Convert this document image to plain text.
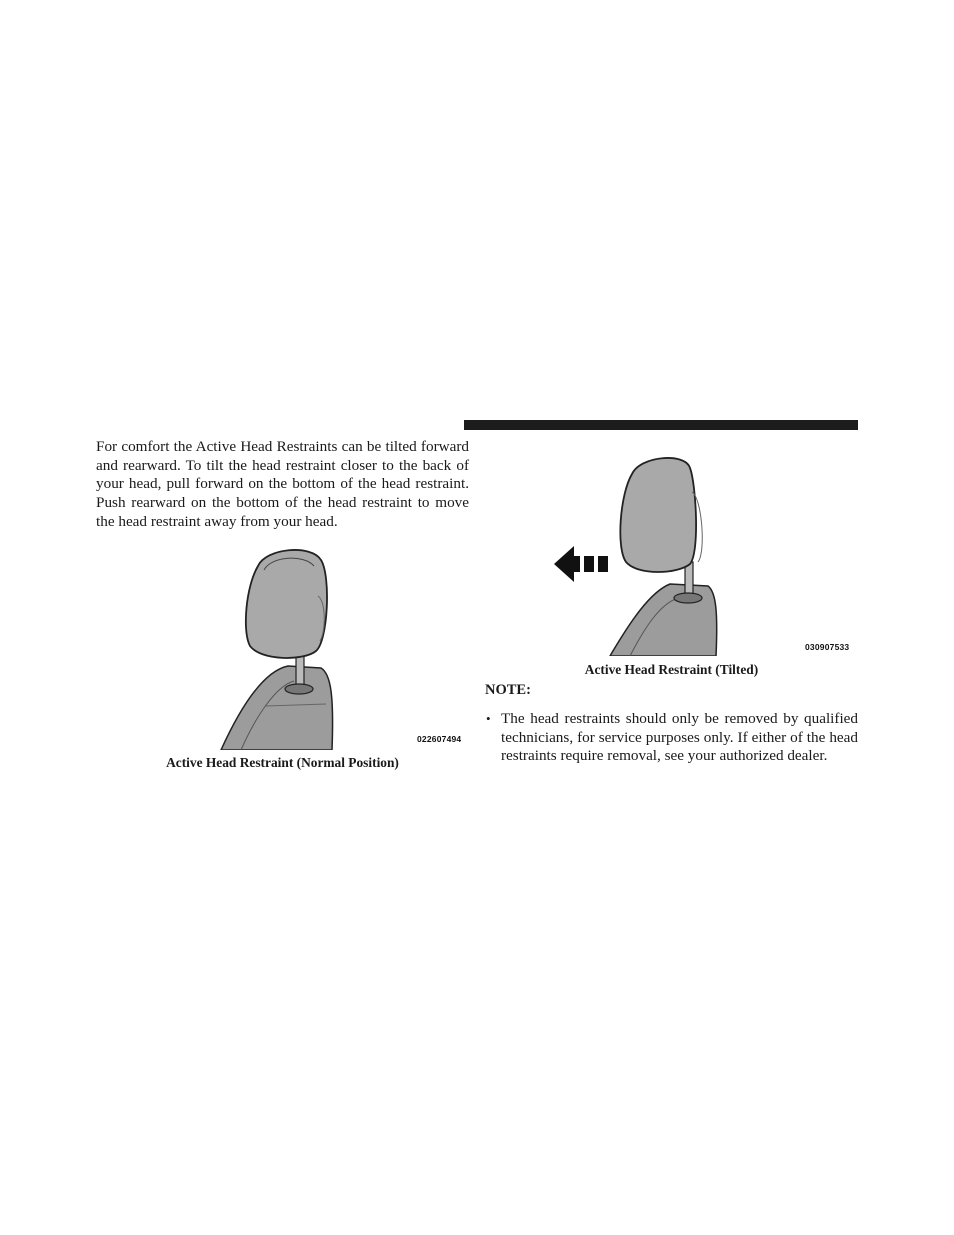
For comfort the Active Head Restraints can be tilted forward and rearward. To tilt the head restraint closer to the back of your head, pull forward on the bottom of the head restraint. Push rearward on the bottom of the head restraint to move the head restraint away from your head.

022607494
Active Head Restraint (Normal Position)
030907533
Active Head Restraint (Tilted)
NOTE:
• The head restraints should only be removed by qualified technicians, for service purposes only. If either of the head restraints require removal, see your authorized dealer.
